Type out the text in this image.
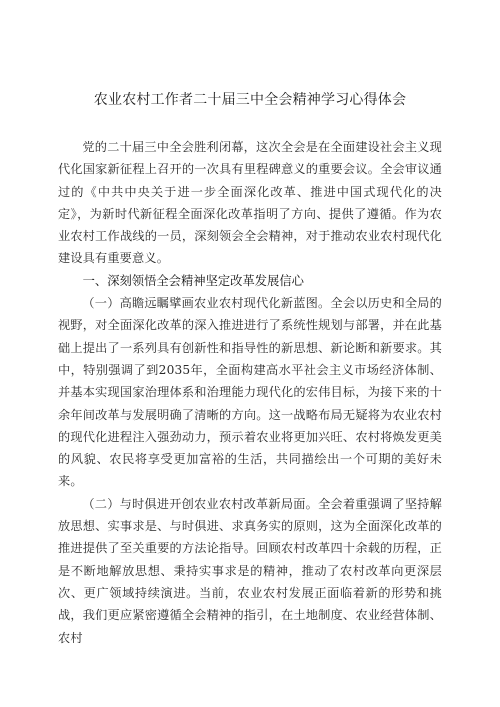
农业农村工作者二十届三中全会精神学习心得体会

党的二十届三中全会胜利闭幕，这次全会是在全面建设社会主义现代化国家新征程上召开的一次具有里程碑意义的重要会议。全会审议通过的《中共中央关于进一步全面深化改革、推进中国式现代化的决定》，为新时代新征程全面深化改革指明了方向、提供了遵循。作为农业农村工作战线的一员，深刻领会全会精神，对于推动农业农村现代化建设具有重要意义。

一、深刻领悟全会精神坚定改革发展信心

（一）高瞻远瞩擘画农业农村现代化新蓝图。全会以历史和全局的视野，对全面深化改革的深入推进进行了系统性规划与部署，并在此基础上提出了一系列具有创新性和指导性的新思想、新论断和新要求。其中，特别强调了到2035年，全面构建高水平社会主义市场经济体制、并基本实现国家治理体系和治理能力现代化的宏伟目标，为接下来的十余年间改革与发展明确了清晰的方向。这一战略布局无疑将为农业农村的现代化进程注入强劲动力，预示着农业将更加兴旺、农村将焕发更美的风貌、农民将享受更加富裕的生活，共同描绘出一个可期的美好未来。

（二）与时俱进开创农业农村改革新局面。全会着重强调了坚持解放思想、实事求是、与时俱进、求真务实的原则，这为全面深化改革的推进提供了至关重要的方法论指导。回顾农村改革四十余载的历程，正是不断地解放思想、秉持实事求是的精神，推动了农村改革向更深层次、更广领域持续演进。当前，农业农村发展正面临着新的形势和挑战，我们更应紧密遵循全会精神的指引，在土地制度、农业经营体制、农村
